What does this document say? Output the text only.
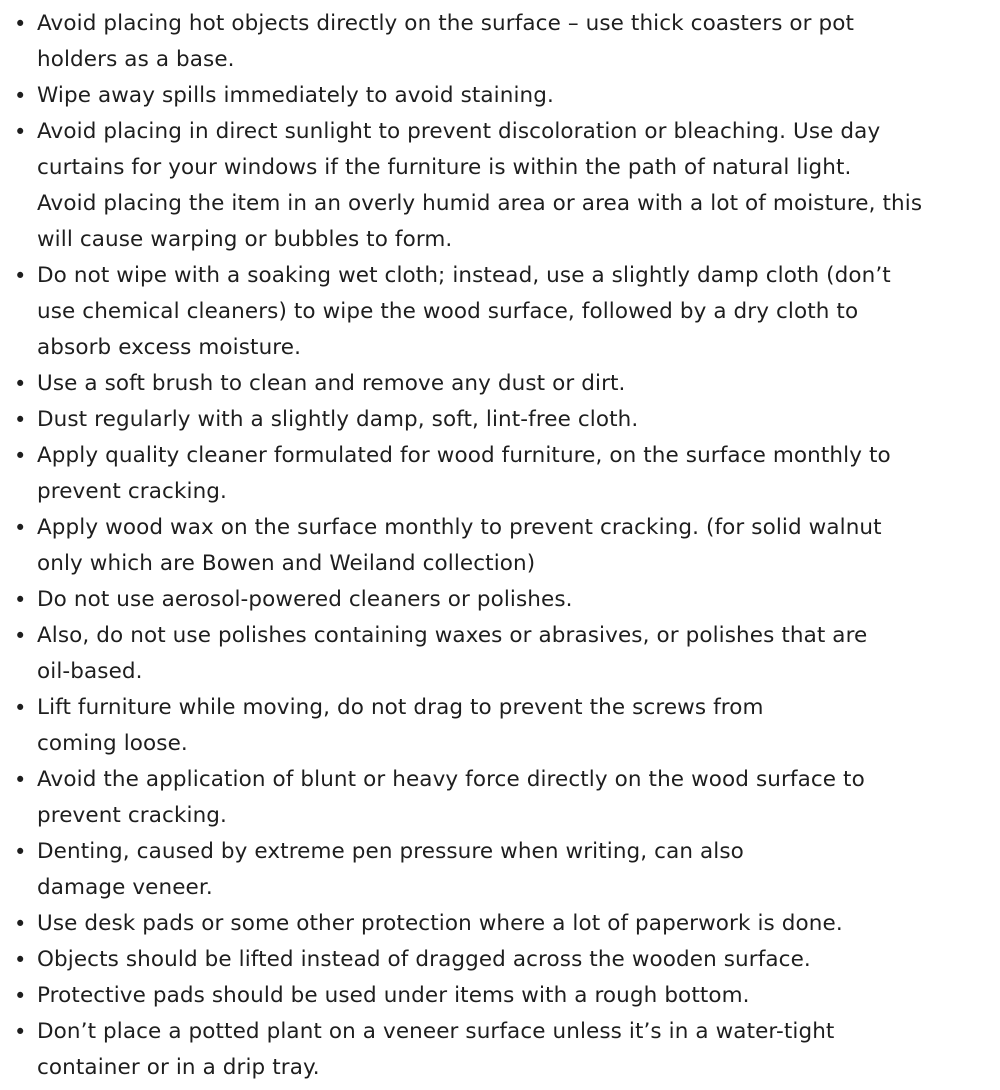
• Avoid placing hot objects directly on the surface – use thick coasters or pot
holders as a base.
• Wipe away spills immediately to avoid staining.
• Avoid placing in direct sunlight to prevent discoloration or bleaching. Use day
curtains for your windows if the furniture is within the path of natural light.
Avoid placing the item in an overly humid area or area with a lot of moisture, this
will cause warping or bubbles to form.
• Do not wipe with a soaking wet cloth; instead, use a slightly damp cloth (don’t
use chemical cleaners) to wipe the wood surface, followed by a dry cloth to
absorb excess moisture.
• Use a soft brush to clean and remove any dust or dirt.
• Dust regularly with a slightly damp, soft, lint-free cloth.
• Apply quality cleaner formulated for wood furniture, on the surface monthly to
prevent cracking.
• Apply wood wax on the surface monthly to prevent cracking. (for solid walnut
only which are Bowen and Weiland collection)
• Do not use aerosol-powered cleaners or polishes.
• Also, do not use polishes containing waxes or abrasives, or polishes that are
oil-based.
• Lift furniture while moving, do not drag to prevent the screws from
coming loose.
• Avoid the application of blunt or heavy force directly on the wood surface to
prevent cracking.
• Denting, caused by extreme pen pressure when writing, can also
damage veneer.
• Use desk pads or some other protection where a lot of paperwork is done.
• Objects should be lifted instead of dragged across the wooden surface.
• Protective pads should be used under items with a rough bottom.
• Don’t place a potted plant on a veneer surface unless it’s in a water-tight
container or in a drip tray.
